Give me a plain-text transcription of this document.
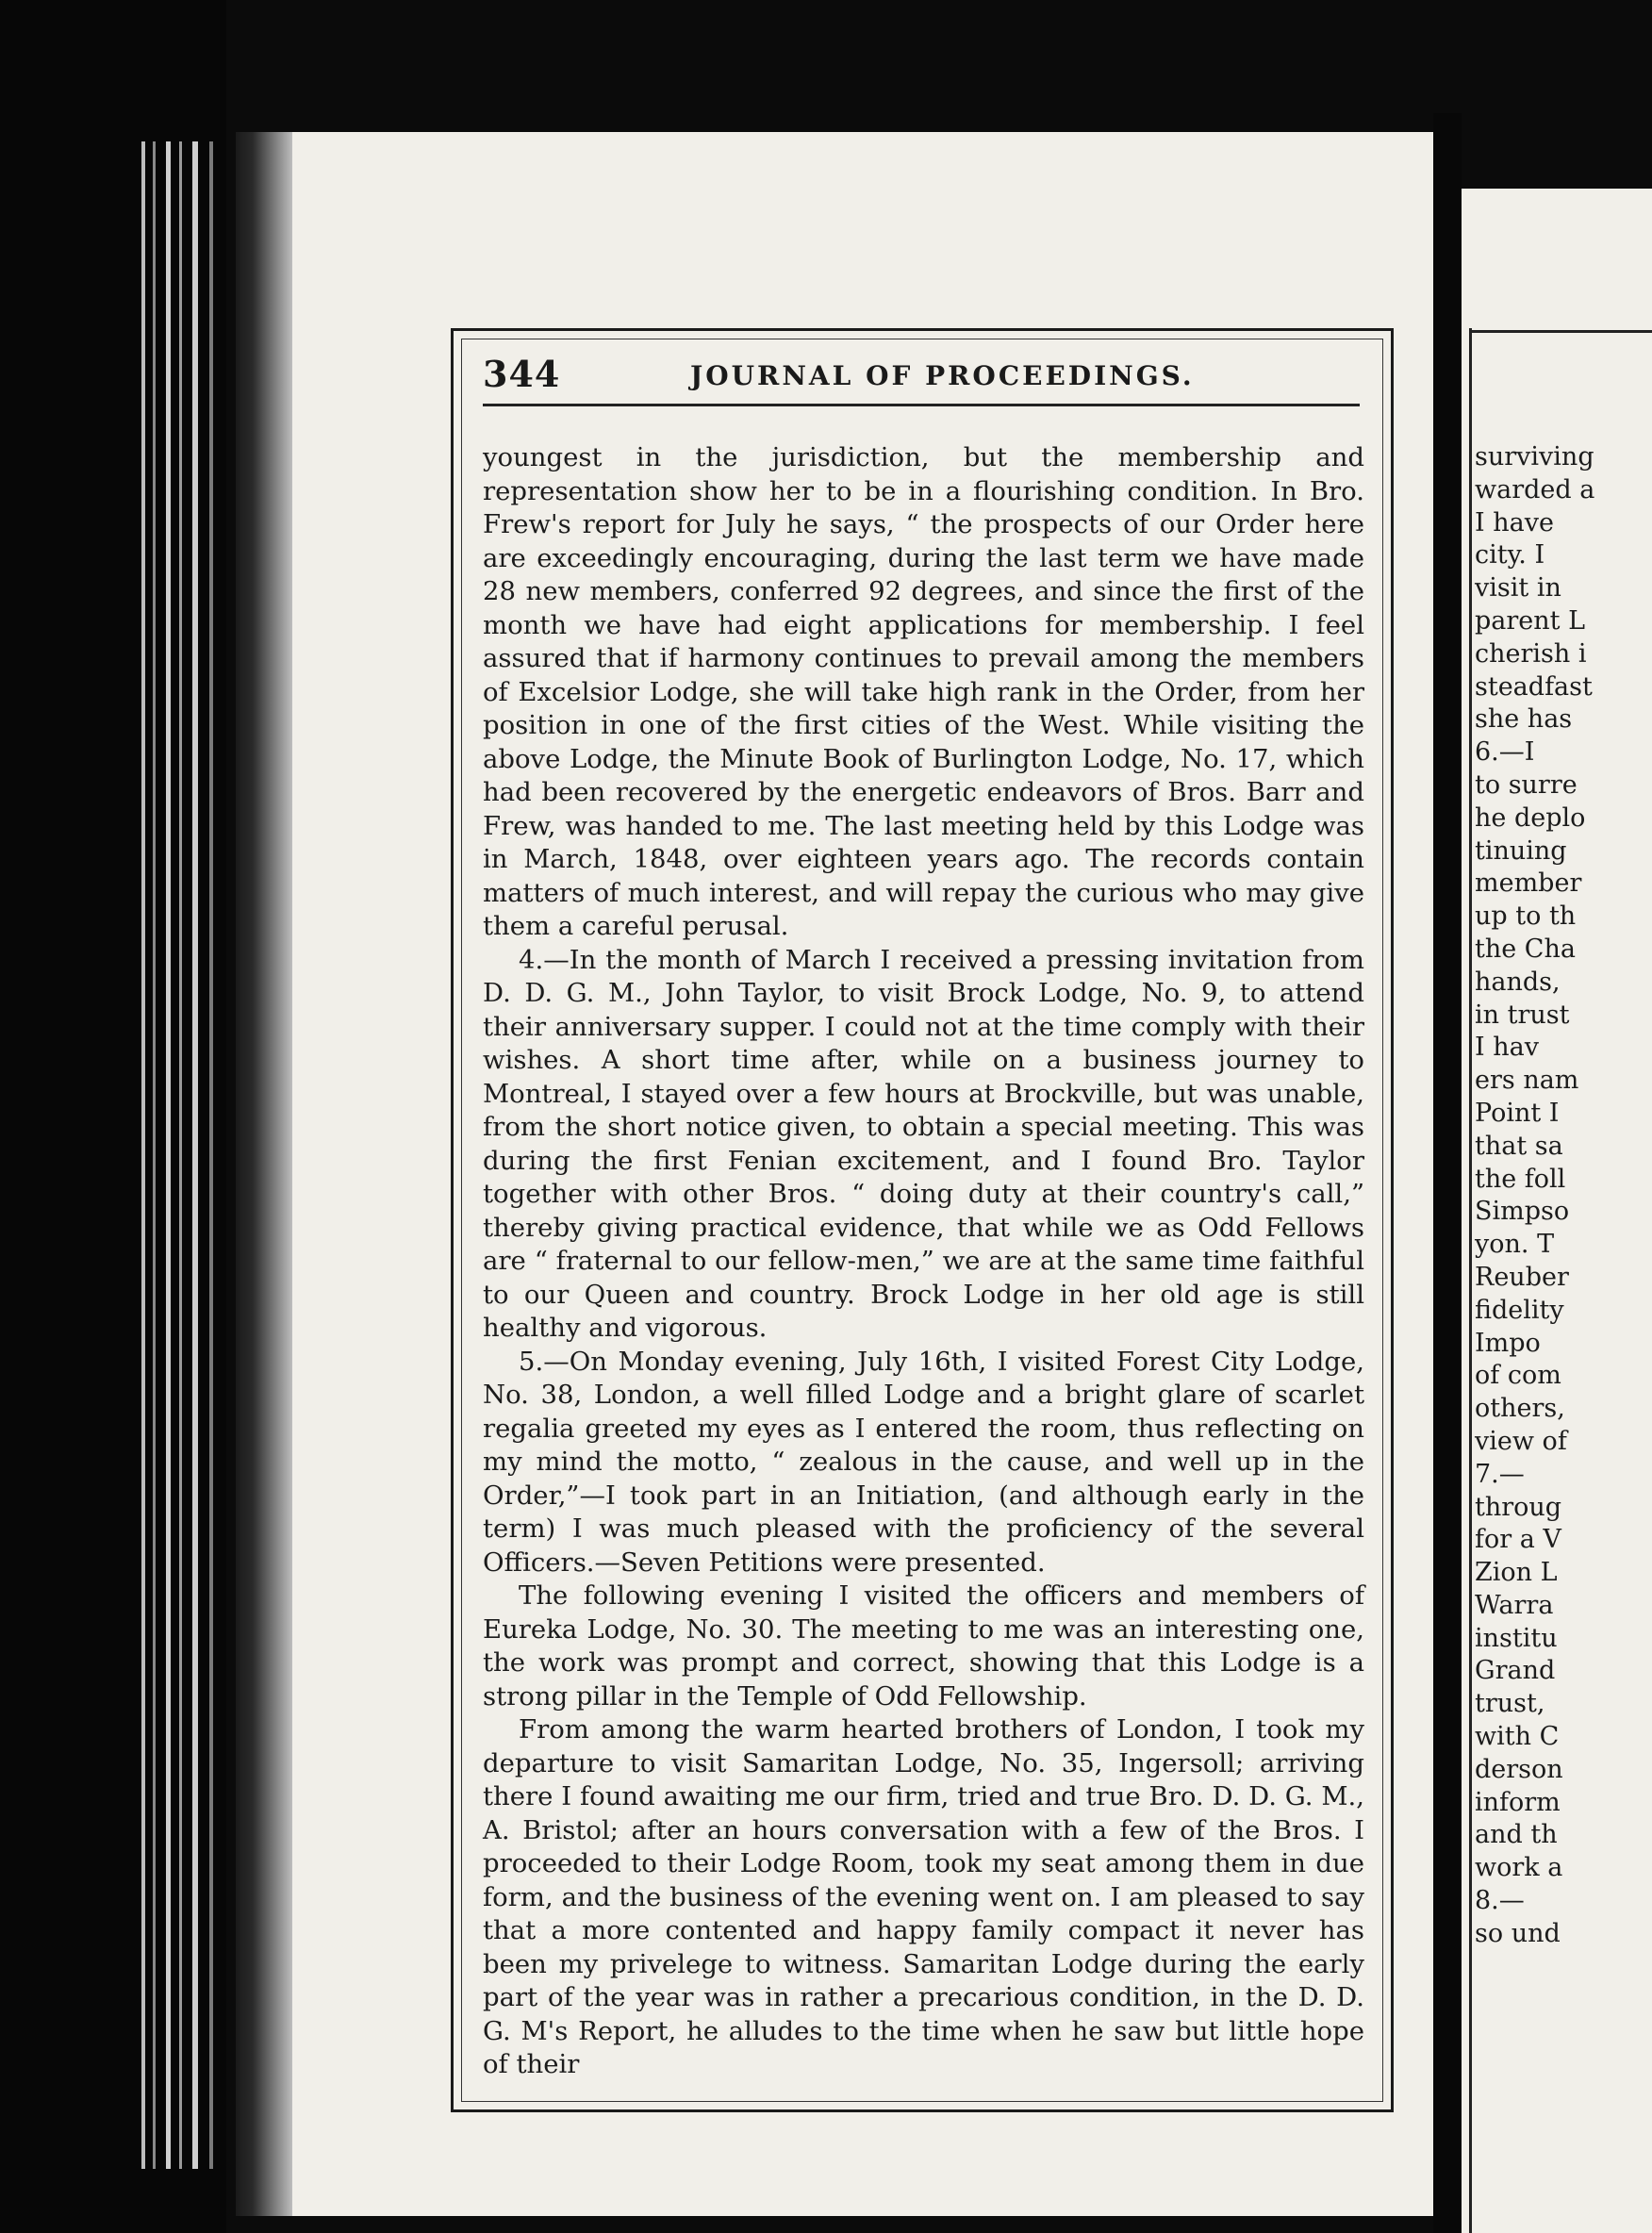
344	JOURNAL OF PROCEEDINGS.

youngest in the jurisdiction, but the membership and representation show her to be in a flourishing condition. In Bro. Frew's report for July he says, “ the prospects of our Order here are exceedingly encouraging, during the last term we have made 28 new members, conferred 92 degrees, and since the first of the month we have had eight applications for membership. I feel assured that if harmony continues to prevail among the members of Excelsior Lodge, she will take high rank in the Order, from her position in one of the first cities of the West. While visiting the above Lodge, the Minute Book of Burlington Lodge, No. 17, which had been recovered by the energetic endeavors of Bros. Barr and Frew, was handed to me. The last meeting held by this Lodge was in March, 1848, over eighteen years ago. The records contain matters of much interest, and will repay the curious who may give them a careful perusal.

4.—In the month of March I received a pressing invitation from D. D. G. M., John Taylor, to visit Brock Lodge, No. 9, to attend their anniversary supper. I could not at the time comply with their wishes. A short time after, while on a business journey to Montreal, I stayed over a few hours at Brockville, but was unable, from the short notice given, to obtain a special meeting. This was during the first Fenian excitement, and I found Bro. Taylor together with other Bros. “ doing duty at their country's call,” thereby giving practical evidence, that while we as Odd Fellows are “ fraternal to our fellow-men,” we are at the same time faithful to our Queen and country. Brock Lodge in her old age is still healthy and vigorous.

5.—On Monday evening, July 16th, I visited Forest City Lodge, No. 38, London, a well filled Lodge and a bright glare of scarlet regalia greeted my eyes as I entered the room, thus reflecting on my mind the motto, “ zealous in the cause, and well up in the Order,”—I took part in an Initiation, (and although early in the term) I was much pleased with the proficiency of the several Officers.—Seven Petitions were presented.

The following evening I visited the officers and members of Eureka Lodge, No. 30. The meeting to me was an interesting one, the work was prompt and correct, showing that this Lodge is a strong pillar in the Temple of Odd Fellowship.

From among the warm hearted brothers of London, I took my departure to visit Samaritan Lodge, No. 35, Ingersoll; arriving there I found awaiting me our firm, tried and true Bro. D. D. G. M., A. Bristol; after an hours conversation with a few of the Bros. I proceeded to their Lodge Room, took my seat among them in due form, and the business of the evening went on. I am pleased to say that a more contented and happy family compact it never has been my privelege to witness. Samaritan Lodge during the early part of the year was in rather a precarious condition, in the D. D. G. M's Report, he alludes to the time when he saw but little hope of their

surviving
warded a
I have
city. I
visit in
parent L
cherish i
steadfast
she has
6.—I
to surre
he deplo
tinuing
member
up to th
the Cha
hands,
in trust
I hav
ers nam
Point I
that sa
the foll
Simpso
yon. T
Reuber
fidelity
Impo
of com
others,
view of
7.—
throug
for a V
Zion L
Warra
institu
Grand
trust,
with C
derson
inform
and th
work a
8.—
so und
